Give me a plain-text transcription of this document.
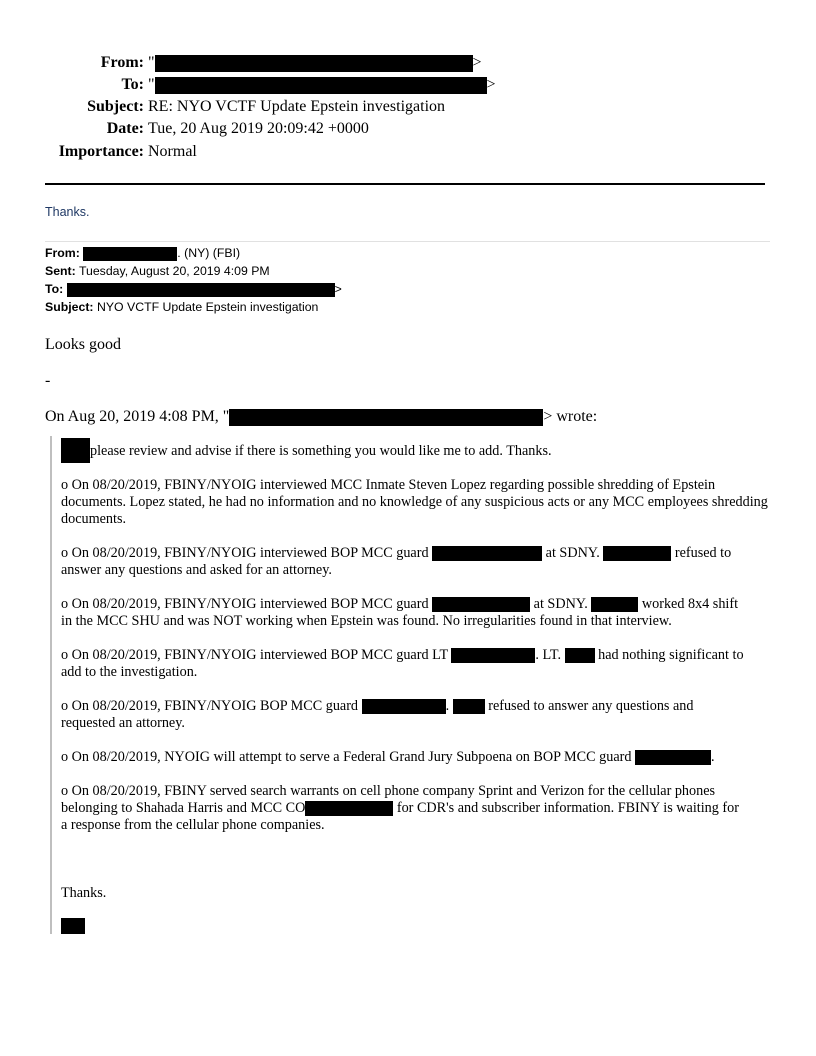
From: "	>
To: "	>
Subject: RE: NYO VCTF Update Epstein investigation
Date: Tue, 20 Aug 2019 20:09:42 +0000
Importance: Normal
Thanks.
From:	. (NY) (FBI)
Sent: Tuesday, August 20, 2019 4:09 PM
To:	>
Subject: NYO VCTF Update Epstein investigation
Looks good
-
On Aug 20, 2019 4:08 PM, "	> wrote:
please review and advise if there is something you would like me to add. Thanks.
o On 08/20/2019, FBINY/NYOIG interviewed MCC Inmate Steven Lopez regarding possible shredding of Epstein documents. Lopez stated, he had no information and no knowledge of any suspicious acts or any MCC employees shredding documents.
o On 08/20/2019, FBINY/NYOIG interviewed BOP MCC guard	at SDNY.	refused to
answer any questions and asked for an attorney.
o On 08/20/2019, FBINY/NYOIG interviewed BOP MCC guard	at SDNY.	worked 8x4 shift
in the MCC SHU and was NOT working when Epstein was found. No irregularities found in that interview.
o On 08/20/2019, FBINY/NYOIG interviewed BOP MCC guard LT	. LT.	had nothing significant to
add to the investigation.
o On 08/20/2019, FBINY/NYOIG BOP MCC guard	.	refused to answer any questions and
requested an attorney.
o On 08/20/2019, NYOIG will attempt to serve a Federal Grand Jury Subpoena on BOP MCC guard	.
o On 08/20/2019, FBINY served search warrants on cell phone company Sprint and Verizon for the cellular phones
belonging to Shahada Harris and MCC CO	for CDR's and subscriber information. FBINY is waiting for
a response from the cellular phone companies.
Thanks.
